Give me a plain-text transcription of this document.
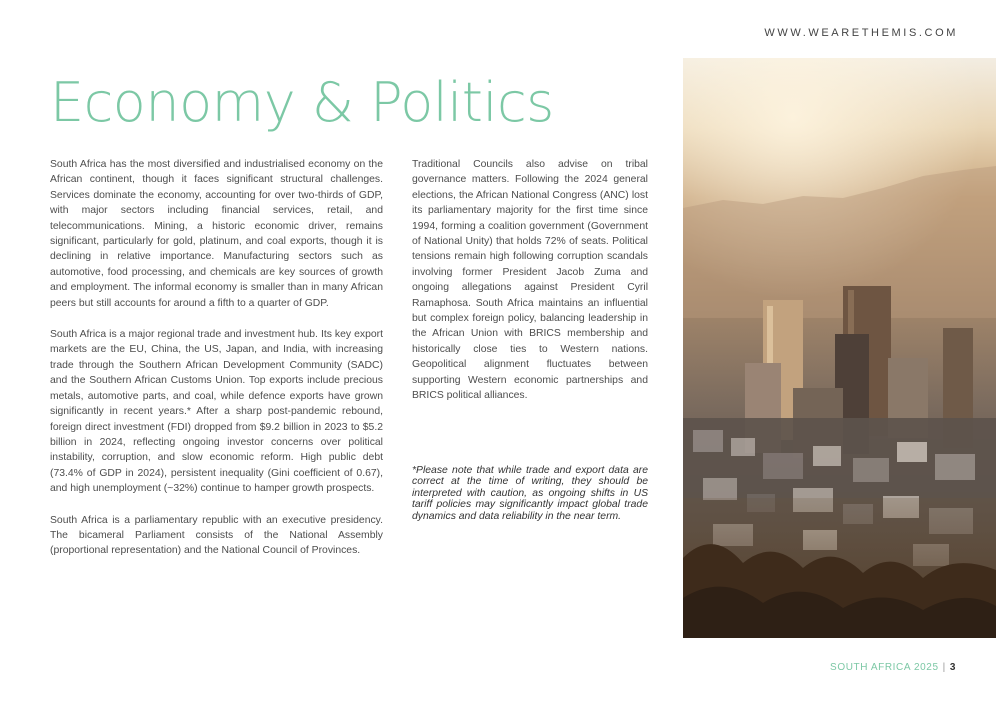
WWW.WEARETHEMIS.COM
Economy & Politics

South Africa has the most diversified and industrialised economy on the African continent, though it faces significant structural challenges. Services dominate the economy, accounting for over two-thirds of GDP, with major sectors including financial services, retail, and telecommunications. Mining, a historic economic driver, remains significant, particularly for gold, platinum, and coal exports, though it is declining in relative importance. Manufacturing sectors such as automotive, food processing, and chemicals are key sources of growth and employment. The informal economy is smaller than in many African peers but still accounts for around a fifth to a quarter of GDP.

South Africa is a major regional trade and investment hub. Its key export markets are the EU, China, the US, Japan, and India, with increasing trade through the Southern African Development Community (SADC) and the Southern African Customs Union. Top exports include precious metals, automotive parts, and coal, while defence exports have grown significantly in recent years.* After a sharp post-pandemic rebound, foreign direct investment (FDI) dropped from $9.2 billion in 2023 to $5.2 billion in 2024, reflecting ongoing investor concerns over political instability, corruption, and slow economic reform. High public debt (73.4% of GDP in 2024), persistent inequality (Gini coefficient of 0.67), and high unemployment (~32%) continue to hamper growth prospects.

South Africa is a parliamentary republic with an executive presidency. The bicameral Parliament consists of the National Assembly (proportional representation) and the National Council of Provinces.

Traditional Councils also advise on tribal governance matters. Following the 2024 general elections, the African National Congress (ANC) lost its parliamentary majority for the first time since 1994, forming a coalition government (Government of National Unity) that holds 72% of seats. Political tensions remain high following corruption scandals involving former President Jacob Zuma and ongoing allegations against President Cyril Ramaphosa. South Africa maintains an influential but complex foreign policy, balancing leadership in the African Union with BRICS membership and historically close ties to Western nations. Geopolitical alignment fluctuates between supporting Western economic partnerships and BRICS political alliances.

*Please note that while trade and export data are correct at the time of writing, they should be interpreted with caution, as ongoing shifts in US tariff policies may significantly impact global trade dynamics and data reliability in the near term.
SOUTH AFRICA 2025 | 3
